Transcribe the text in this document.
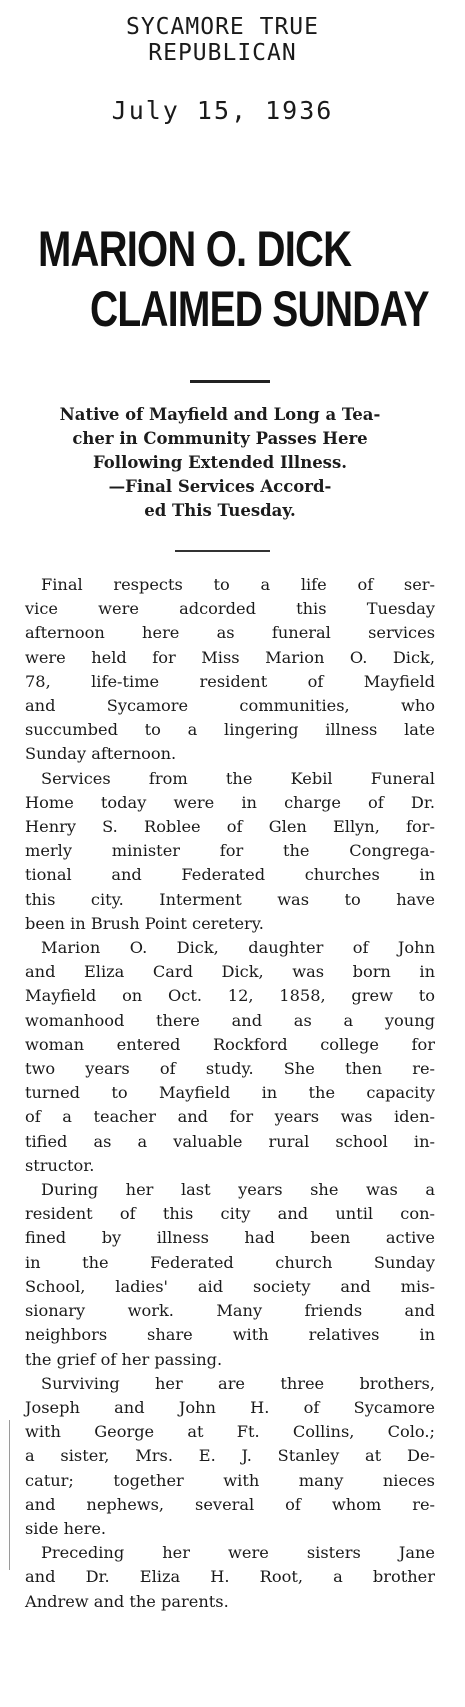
SYCAMORE TRUE
REPUBLICAN
July 15, 1936
MARION O. DICK
CLAIMED SUNDAY
Native of Mayfield and Long a Tea-
cher in Community Passes Here
Following Extended Illness.
—Final Services Accord-
ed This Tuesday.
Final respects to a life of ser-
vice were adcorded this Tuesday
afternoon here as funeral services
were held for Miss Marion O. Dick,
78, life-time resident of Mayfield
and Sycamore communities, who
succumbed to a lingering illness late
Sunday afternoon.
Services from the Kebil Funeral
Home today were in charge of Dr.
Henry S. Roblee of Glen Ellyn, for-
merly minister for the Congrega-
tional and Federated churches in
this city. Interment was to have
been in Brush Point ceretery.
Marion O. Dick, daughter of John
and Eliza Card Dick, was born in
Mayfield on Oct. 12, 1858, grew to
womanhood there and as a young
woman entered Rockford college for
two years of study. She then re-
turned to Mayfield in the capacity
of a teacher and for years was iden-
tified as a valuable rural school in-
structor.
During her last years she was a
resident of this city and until con-
fined by illness had been active
in the Federated church Sunday
School, ladies' aid society and mis-
sionary work. Many friends and
neighbors share with relatives in
the grief of her passing.
Surviving her are three brothers,
Joseph and John H. of Sycamore
with George at Ft. Collins, Colo.;
a sister, Mrs. E. J. Stanley at De-
catur; together with many nieces
and nephews, several of whom re-
side here.
Preceding her were sisters Jane
and Dr. Eliza H. Root, a brother
Andrew and the parents.
